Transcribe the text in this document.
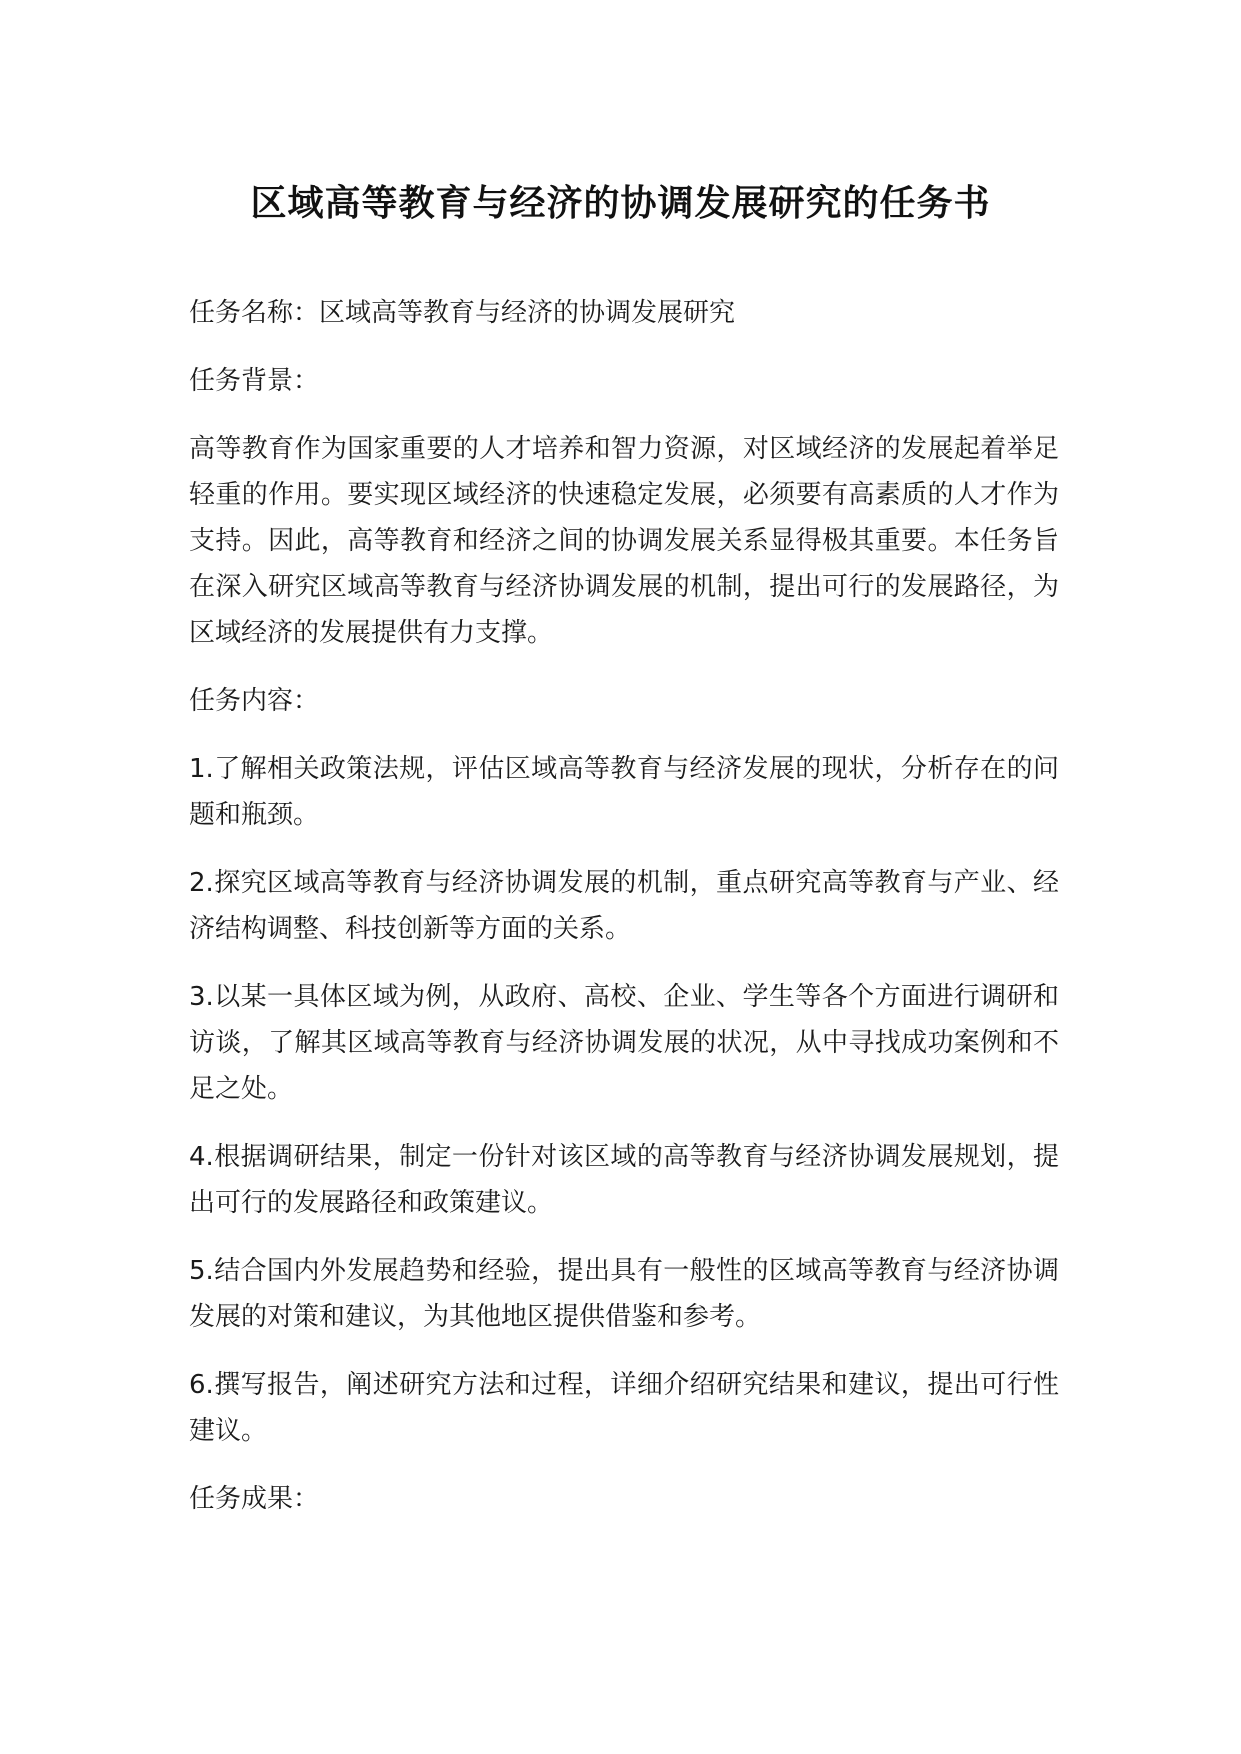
区域高等教育与经济的协调发展研究的任务书

任务名称：区域高等教育与经济的协调发展研究

任务背景：

高等教育作为国家重要的人才培养和智力资源，对区域经济的发展起着举足轻重的作用。要实现区域经济的快速稳定发展，必须要有高素质的人才作为支持。因此，高等教育和经济之间的协调发展关系显得极其重要。本任务旨在深入研究区域高等教育与经济协调发展的机制，提出可行的发展路径，为区域经济的发展提供有力支撑。

任务内容：

1.了解相关政策法规，评估区域高等教育与经济发展的现状，分析存在的问题和瓶颈。

2.探究区域高等教育与经济协调发展的机制，重点研究高等教育与产业、经济结构调整、科技创新等方面的关系。

3.以某一具体区域为例，从政府、高校、企业、学生等各个方面进行调研和访谈，了解其区域高等教育与经济协调发展的状况，从中寻找成功案例和不足之处。

4.根据调研结果，制定一份针对该区域的高等教育与经济协调发展规划，提出可行的发展路径和政策建议。

5.结合国内外发展趋势和经验，提出具有一般性的区域高等教育与经济协调发展的对策和建议，为其他地区提供借鉴和参考。

6.撰写报告，阐述研究方法和过程，详细介绍研究结果和建议，提出可行性建议。

任务成果：
